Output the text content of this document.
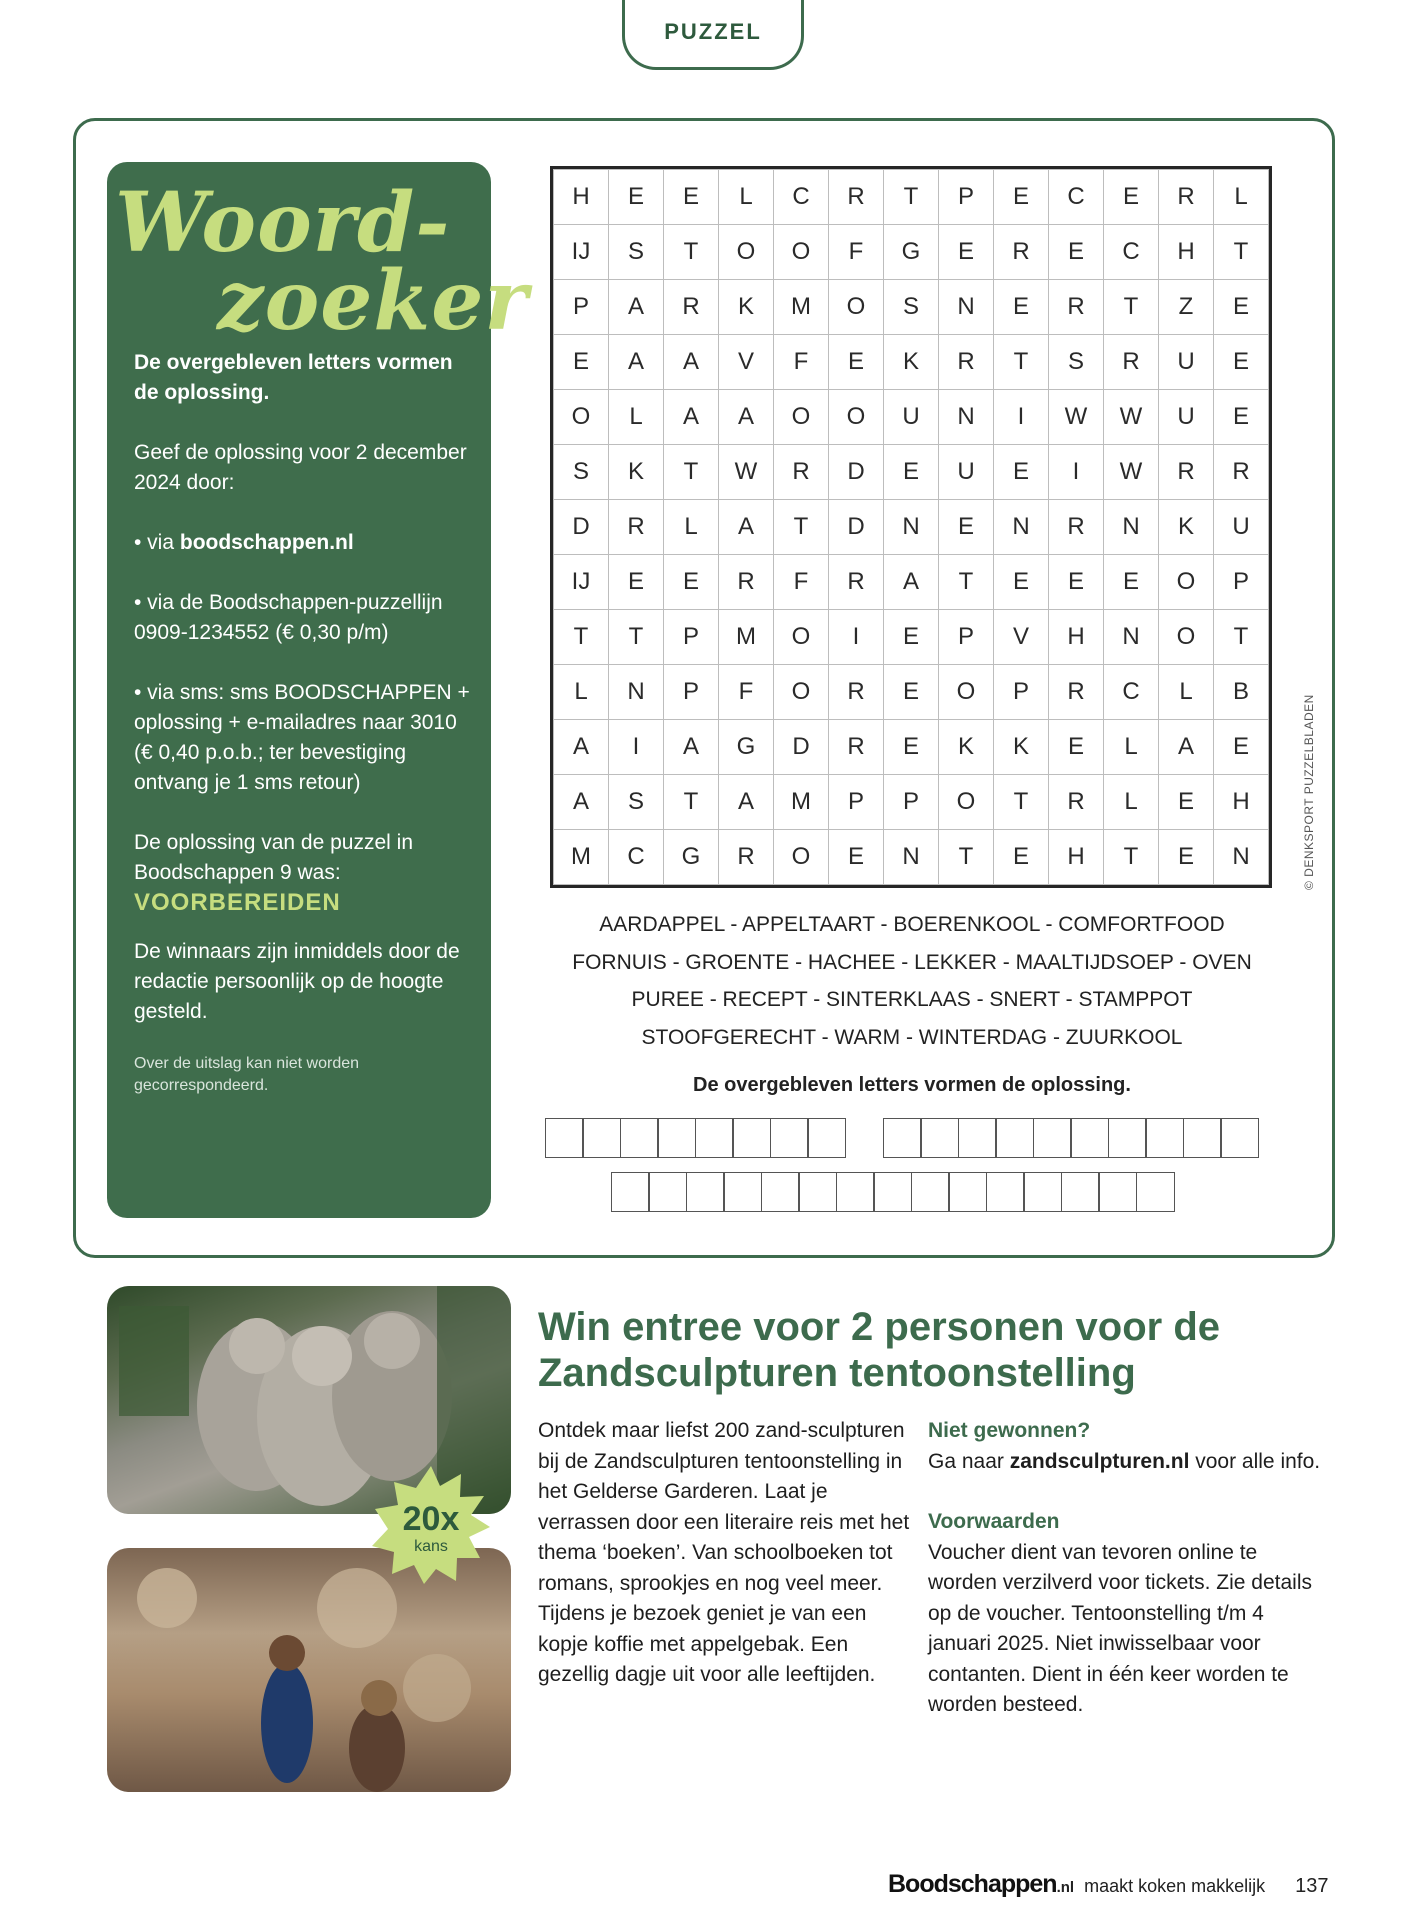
PUZZEL
Woord-
zoeker

De overgebleven letters vormen de oplossing.

Geef de oplossing voor 2 december 2024 door:

• via boodschappen.nl

• via de Boodschappen-puzzellijn 0909-1234552 (€ 0,30 p/m)

• via sms: sms BOODSCHAPPEN + oplossing + e-mailadres naar 3010 (€ 0,40 p.o.b.; ter bevestiging ontvang je 1 sms retour)

De oplossing van de puzzel in Boodschappen 9 was:
VOORBEREIDEN

De winnaars zijn inmiddels door de redactie persoonlijk op de hoogte gesteld.

Over de uitslag kan niet worden gecorrespondeerd.

H	E	E	L	C	R	T	P	E	C	E	R	L
IJ	S	T	O	O	F	G	E	R	E	C	H	T
P	A	R	K	M	O	S	N	E	R	T	Z	E
E	A	A	V	F	E	K	R	T	S	R	U	E
O	L	A	A	O	O	U	N	I	W	W	U	E
S	K	T	W	R	D	E	U	E	I	W	R	R
D	R	L	A	T	D	N	E	N	R	N	K	U
IJ	E	E	R	F	R	A	T	E	E	E	O	P
T	T	P	M	O	I	E	P	V	H	N	O	T
L	N	P	F	O	R	E	O	P	R	C	L	B
A	I	A	G	D	R	E	K	K	E	L	A	E
A	S	T	A	M	P	P	O	T	R	L	E	H
M	C	G	R	O	E	N	T	E	H	T	E	N	© DENKSPORT PUZZELBLADEN
AARDAPPEL - APPELTAART - BOERENKOOL - COMFORTFOOD
FORNUIS - GROENTE - HACHEE - LEKKER - MAALTIJDSOEP - OVEN
PUREE - RECEPT - SINTERKLAAS - SNERT - STAMPPOT
STOOFGERECHT - WARM - WINTERDAG - ZUURKOOL
De overgebleven letters vormen de oplossing.
20x
kans
Win entree voor 2 personen voor de Zandsculpturen tentoonstelling
Ontdek maar liefst 200 zand-sculpturen bij de Zandsculpturen tentoonstelling in het Gelderse Garderen. Laat je verrassen door een literaire reis met het thema ‘boeken’. Van schoolboeken tot romans, sprookjes en nog veel meer. Tijdens je bezoek geniet je van een kopje koffie met appelgebak. Een gezellig dagje uit voor alle leeftijden.
Niet gewonnen?

Ga naar zandsculpturen.nl voor alle info.

Voorwaarden

Voucher dient van tevoren online te worden verzilverd voor tickets. Zie details op de voucher. Tentoonstelling t/m 4 januari 2025. Niet inwisselbaar voor contanten. Dient in één keer worden te worden besteed.

Boodschappen .nl maakt koken makkelijk 137
